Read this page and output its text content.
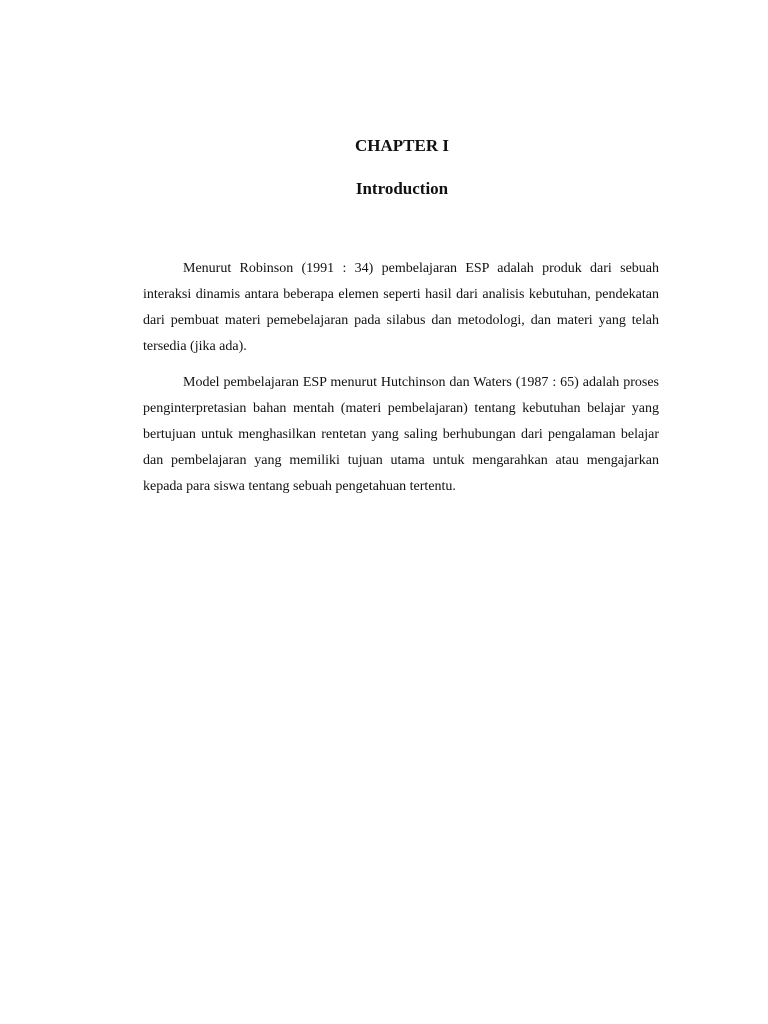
CHAPTER I
Introduction

Menurut Robinson (1991 : 34) pembelajaran ESP adalah produk dari sebuah interaksi dinamis antara beberapa elemen seperti hasil dari analisis kebutuhan, pendekatan dari pembuat materi pemebelajaran pada silabus dan metodologi, dan materi yang telah tersedia (jika ada).

Model pembelajaran ESP menurut Hutchinson dan Waters (1987 : 65) adalah proses penginterpretasian bahan mentah (materi pembelajaran) tentang kebutuhan belajar yang bertujuan untuk menghasilkan rentetan yang saling berhubungan dari pengalaman belajar dan pembelajaran yang memiliki tujuan utama untuk mengarahkan atau mengajarkan kepada para siswa tentang sebuah pengetahuan tertentu.
